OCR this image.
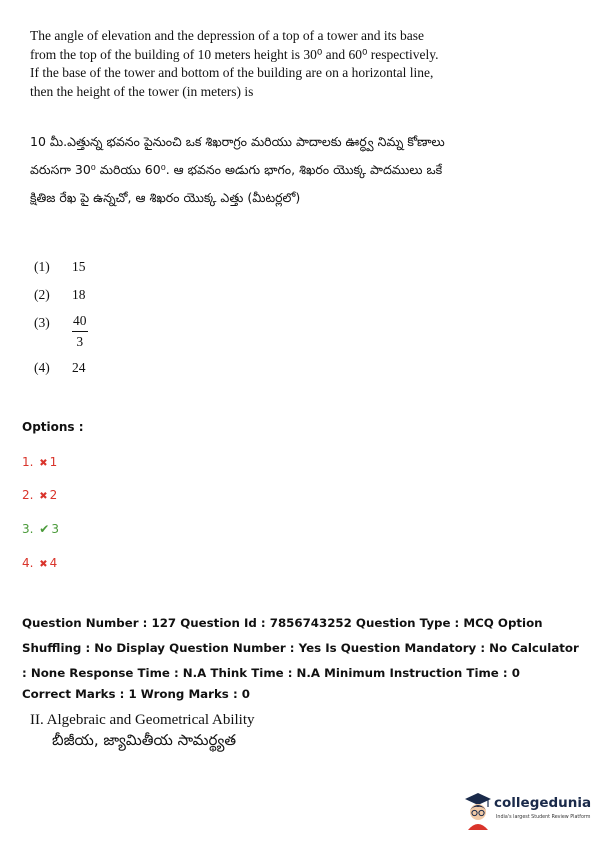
The angle of elevation and the depression of a top of a tower and its base from the top of the building of 10 meters height is 30⁰ and 60⁰ respectively. If the base of the tower and bottom of the building are on a horizontal line, then the height of the tower (in meters) is
10 మీ.ఎత్తున్న భవనం పైనుంచి ఒక శిఖరాగ్రం మరియు పాదాలకు ఊర్ధ్వ నిమ్న కోణాలు వరుసగా 30⁰ మరియు 60⁰. ఆ భవనం అడుగు భాగం, శిఖరం యొక్క పాదములు ఒకే క్షితిజ రేఖ పై ఉన్నచో, ఆ శిఖరం యొక్క ఎత్తు (మీటర్లలో)
(1) 15
(2) 18
(3)	$\frac{40}{3}$
(4) 24
Options :
1. ✖ 1
2. ✖ 2
3. ✔ 3
4. ✖ 4
Question Number : 127 Question Id : 7856743252 Question Type : MCQ Option Shuffling : No Display Question Number : Yes Is Question Mandatory : No Calculator : None Response Time : N.A Think Time : N.A Minimum Instruction Time : 0
Correct Marks : 1 Wrong Marks : 0
II. Algebraic and Geometrical Ability
బీజీయ, జ్యామితీయ సామర్థ్యత
collegedunia
India's largest Student Review Platform
